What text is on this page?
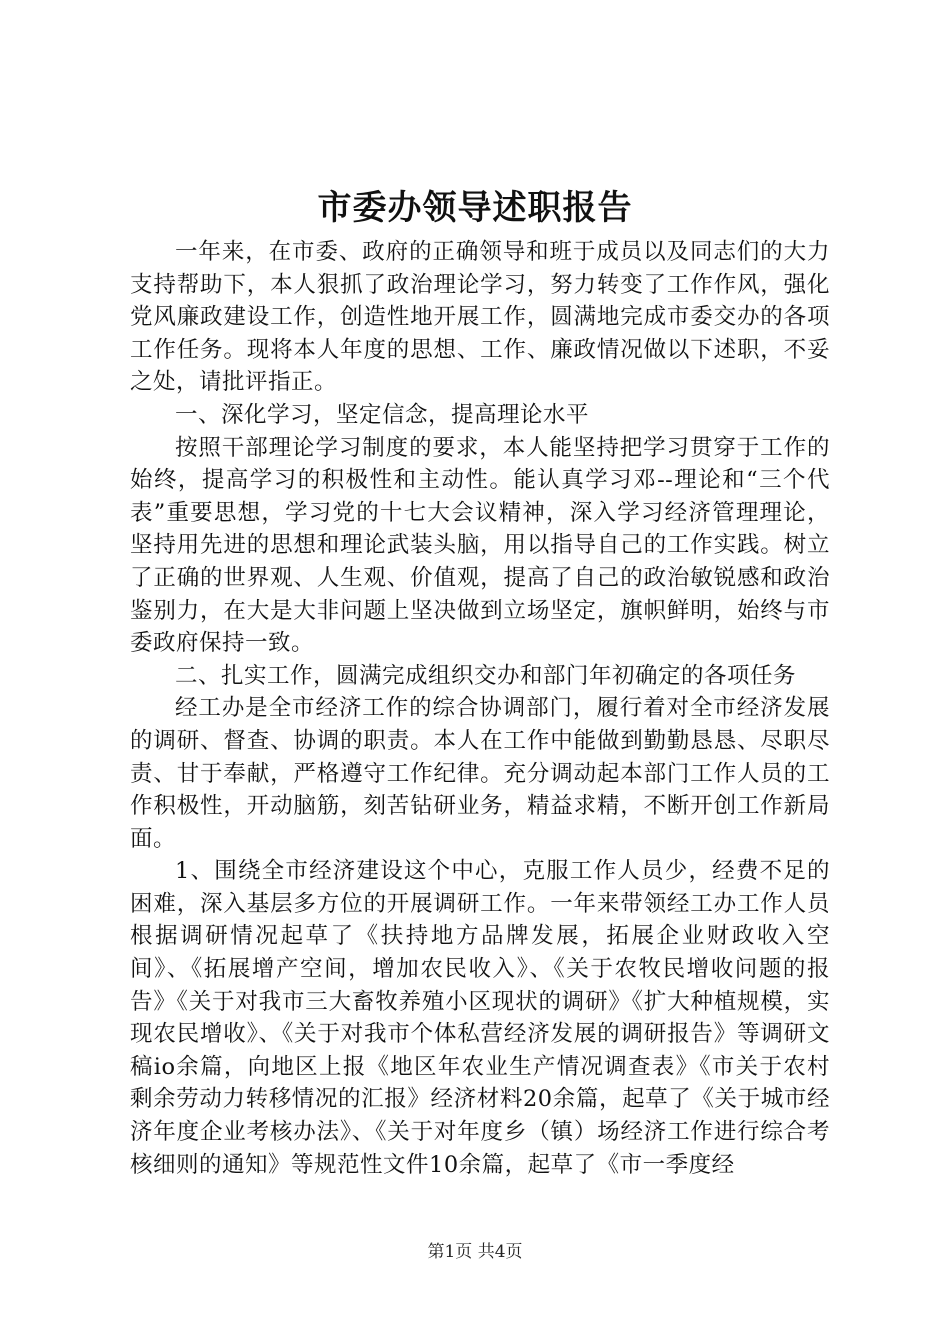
市委办领导述职报告

一年来，在市委、政府的正确领导和班于成员以及同志们的大力支持帮助下，本人狠抓了政治理论学习，努力转变了工作作风，强化党风廉政建设工作，创造性地开展工作，圆满地完成市委交办的各项工作任务。现将本人年度的思想、工作、廉政情况做以下述职，不妥之处，请批评指正。

一、深化学习，坚定信念，提高理论水平

按照干部理论学习制度的要求，本人能坚持把学习贯穿于工作的始终，提高学习的积极性和主动性。能认真学习邓--理论和“三个代表”重要思想，学习党的十七大会议精神，深入学习经济管理理论，坚持用先进的思想和理论武装头脑，用以指导自己的工作实践。树立了正确的世界观、人生观、价值观，提高了自己的政治敏锐感和政治鉴别力，在大是大非问题上坚决做到立场坚定，旗帜鲜明，始终与市委政府保持一致。

二、扎实工作，圆满完成组织交办和部门年初确定的各项任务

经工办是全市经济工作的综合协调部门，履行着对全市经济发展的调研、督查、协调的职责。本人在工作中能做到勤勤恳恳、尽职尽责、甘于奉献，严格遵守工作纪律。充分调动起本部门工作人员的工作积极性，开动脑筋，刻苦钻研业务，精益求精，不断开创工作新局面。

1、围绕全市经济建设这个中心，克服工作人员少，经费不足的困难，深入基层多方位的开展调研工作。一年来带领经工办工作人员根据调研情况起草了《扶持地方品牌发展，拓展企业财政收入空间》、《拓展增产空间，增加农民收入》、《关于农牧民增收问题的报告》《关于对我市三大畜牧养殖小区现状的调研》《扩大种植规模，实现农民增收》、《关于对我市个体私营经济发展的调研报告》等调研文稿io余篇，向地区上报《地区年农业生产情况调查表》《市关于农村剩余劳动力转移情况的汇报》经济材料20余篇，起草了《关于城市经济年度企业考核办法》、《关于对年度乡（镇）场经济工作进行综合考核细则的通知》等规范性文件10余篇，起草了《市一季度经

第1页 共4页
